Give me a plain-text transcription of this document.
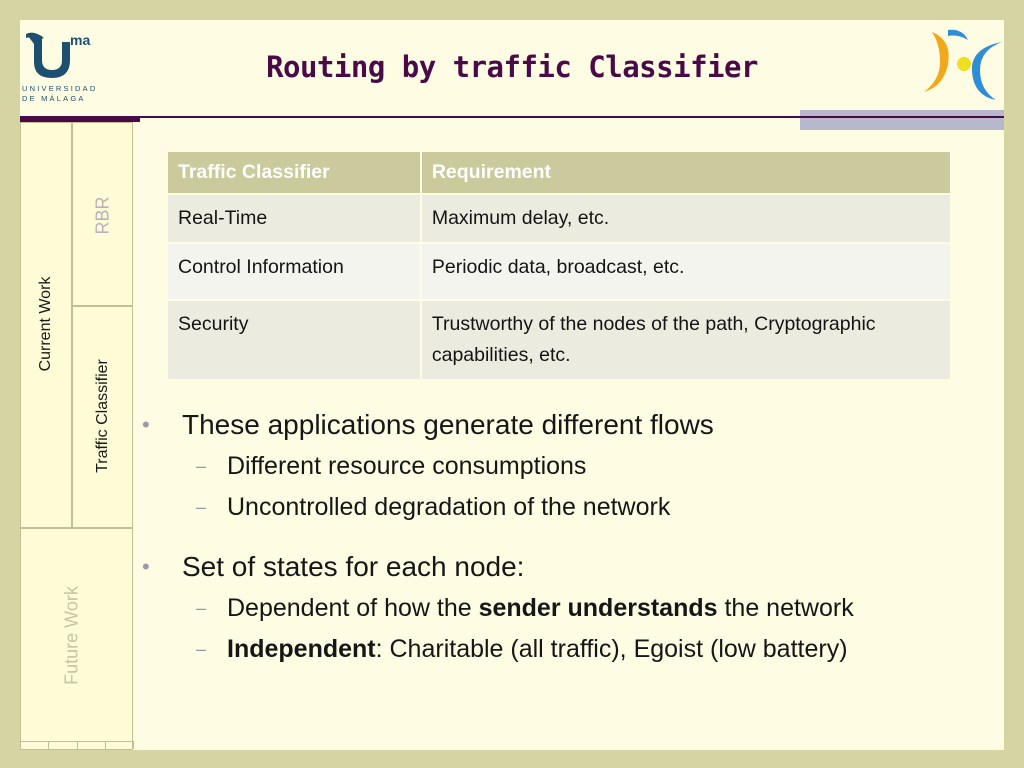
ma
UNIVERSIDAD
DE MÁLAGA
Routing by traffic Classifier
Current Work
RBR
Traffic Classifier
Future Work
Traffic Classifier	Requirement
Real-Time	Maximum delay, etc.
Control Information	Periodic data, broadcast, etc.
Security	Trustworthy of the nodes of the path, Cryptographic capabilities, etc.
• These applications generate different flows
– Different resource consumptions
– Uncontrolled degradation of the network
• Set of states for each node:
– Dependent of how the sender understands the network
– Independent: Charitable (all traffic), Egoist (low battery)
